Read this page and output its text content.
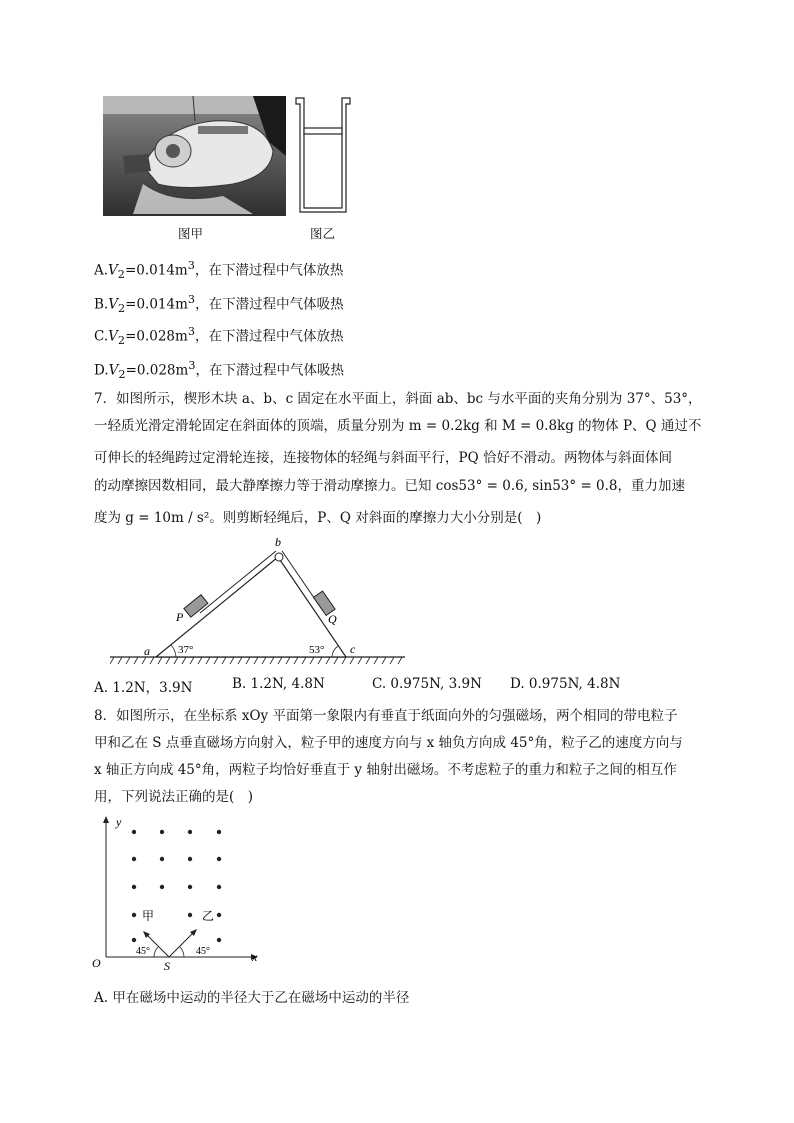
图甲	图乙
$A.V_2=0.014m^3$，在下潜过程中气体放热
$B.V_2=0.014m^3$，在下潜过程中气体吸热
$C.V_2=0.028m^3$，在下潜过程中气体放热
$D.V_2=0.028m^3$，在下潜过程中气体吸热
7．如图所示，楔形木块 a、b、c 固定在水平面上，斜面 ab、bc 与水平面的夹角分别为 37°、53°，
一轻质光滑定滑轮固定在斜面体的顶端，质量分别为 m = 0.2kg 和 M = 0.8kg 的物体 P、Q 通过不
可伸长的轻绳跨过定滑轮连接，连接物体的轻绳与斜面平行，PQ 恰好不滑动。两物体与斜面体间
的动摩擦因数相同，最大静摩擦力等于滑动摩擦力。已知 cos53° = 0.6, sin53° = 0.8，重力加速
度为 g = 10m / s²。则剪断轻绳后，P、Q 对斜面的摩擦力大小分别是(　)
b
a	c
P	Q
37°	53°
A. 1.2N，3.9N	B. 1.2N, 4.8N	C. 0.975N, 3.9N D. 0.975N, 4.8N
8．如图所示，在坐标系 xOy 平面第一象限内有垂直于纸面向外的匀强磁场，两个相同的带电粒子
甲和乙在 S 点垂直磁场方向射入，粒子甲的速度方向与 x 轴负方向成 45°角，粒子乙的速度方向与
x 轴正方向成 45°角，两粒子均恰好垂直于 y 轴射出磁场。不考虑粒子的重力和粒子之间的相互作
用，下列说法正确的是(　)
y
x
O
甲	乙
45°	45°
S
A. 甲在磁场中运动的半径大于乙在磁场中运动的半径
